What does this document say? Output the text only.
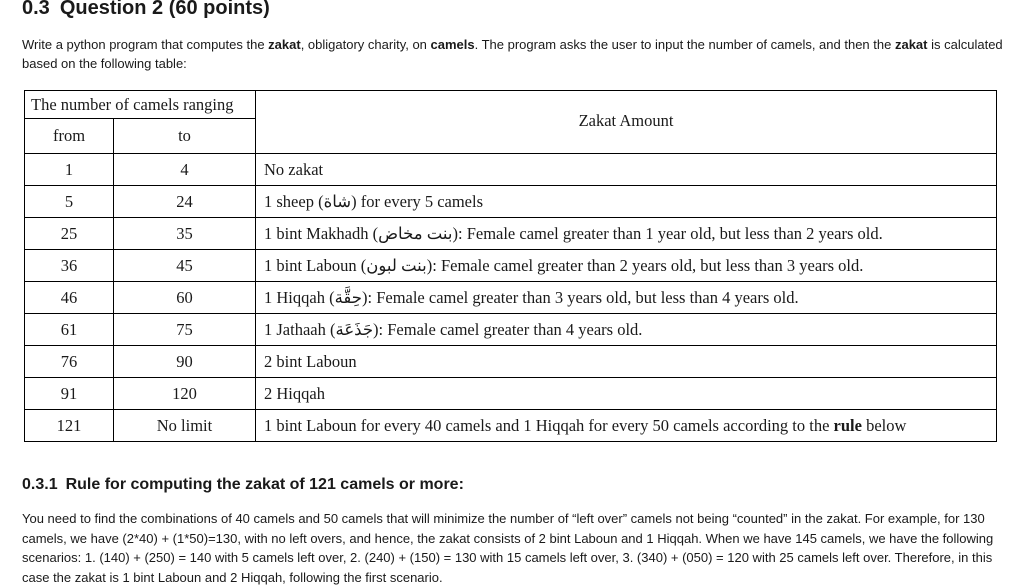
0.3 Question 2 (60 points)
Write a python program that computes the zakat, obligatory charity, on camels. The program asks the user to input the number of camels, and then the zakat is calculated based on the following table:
The number of camels ranging		Zakat Amount
from	to	
1	4	No zakat
5	24	1 sheep (شاة) for every 5 camels
25	35	1 bint Makhadh (بنت مخاض): Female camel greater than 1 year old, but less than 2 years old.
36	45	1 bint Laboun (بنت لبون): Female camel greater than 2 years old, but less than 3 years old.
46	60	1 Hiqqah (حِقَّة): Female camel greater than 3 years old, but less than 4 years old.
61	75	1 Jathaah (جَذَعَة): Female camel greater than 4 years old.
76	90	2 bint Laboun
91	120	2 Hiqqah
121	No limit	1 bint Laboun for every 40 camels and 1 Hiqqah for every 50 camels according to the rule below
0.3.1 Rule for computing the zakat of 121 camels or more:
You need to find the combinations of 40 camels and 50 camels that will minimize the number of “left over” camels not being “counted” in the zakat. For example, for 130 camels, we have (2*40) + (1*50)=130, with no left overs, and hence, the zakat consists of 2 bint Laboun and 1 Hiqqah. When we have 145 camels, we have the following scenarios: 1. (140) + (250) = 140 with 5 camels left over, 2. (240) + (150) = 130 with 15 camels left over, 3. (340) + (050) = 120 with 25 camels left over. Therefore, in this case the zakat is 1 bint Laboun and 2 Hiqqah, following the first scenario.
